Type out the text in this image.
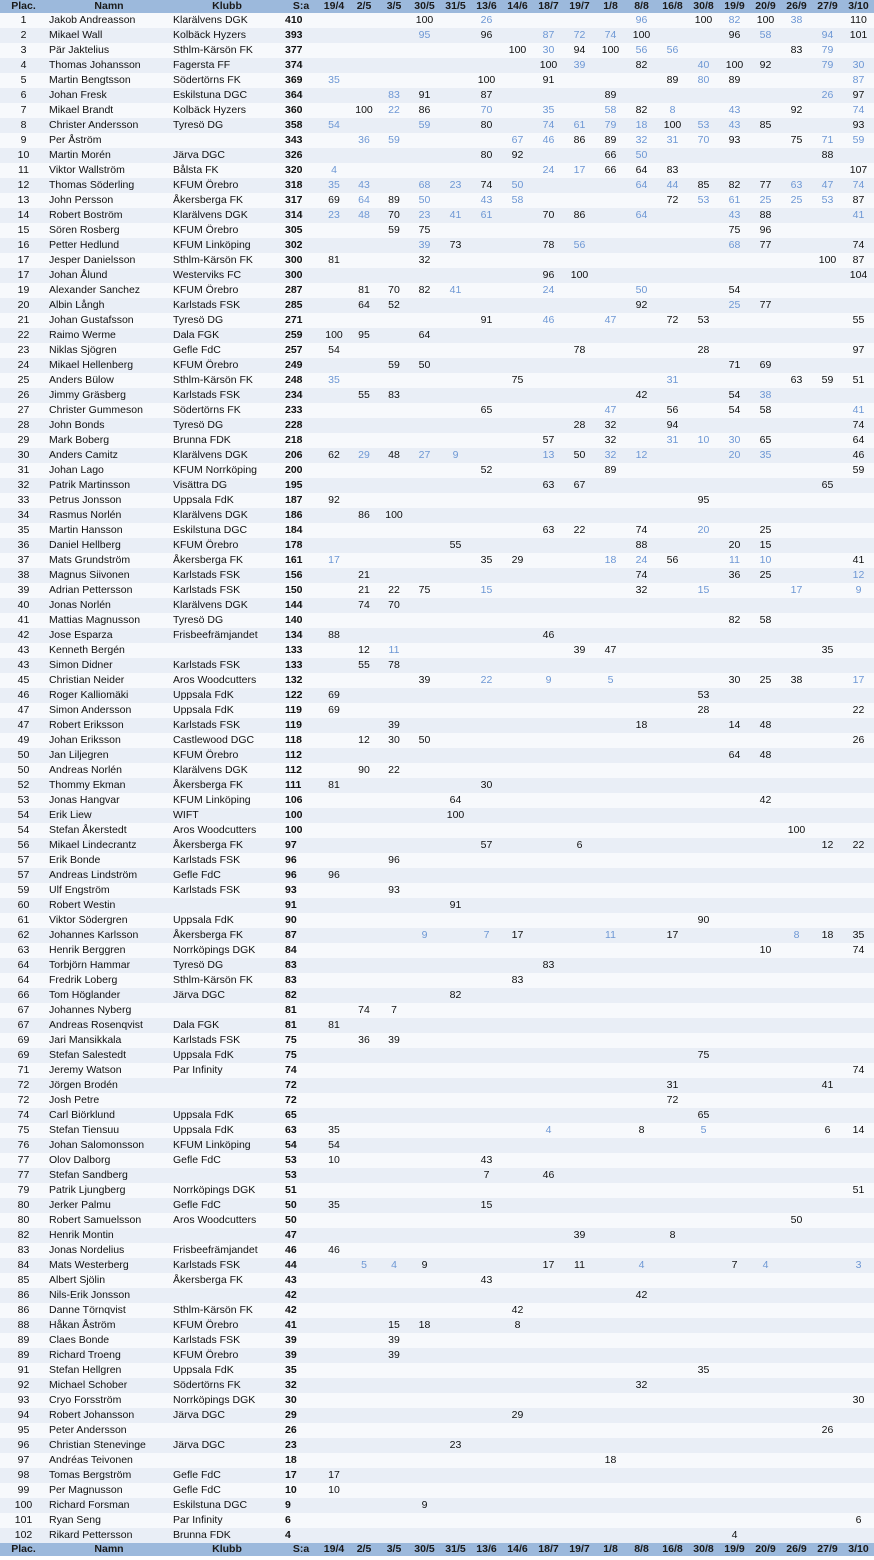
Plac.	Namn	Klubb	S:a	19/4	2/5	3/5	30/5	31/5	13/6	14/6	18/7	19/7	1/8	8/8	16/8	30/8	19/9	20/9	26/9	27/9	3/10
1	Jakob Andreasson	Klarälvens DGK	410				100		26					96		100	82	100	38		110
2	Mikael Wall	Kolbäck Hyzers	393				95		96		87	72	74	100			96	58		94	101
3	Pär Jaktelius	Sthlm-Kärsön FK	377							100	30	94	100	56	56				83	79	
4	Thomas Johansson	Fagersta FF	374								100	39		82		40	100	92		79	30
5	Martin Bengtsson	Södertörns FK	369	35					100		91				89	80	89				87
6	Johan Fresk	Eskilstuna DGC	364			83	91		87				89							26	97
7	Mikael Brandt	Kolbäck Hyzers	360		100	22	86		70		35		58	82	8		43		92		74
8	Christer Andersson	Tyresö DG	358	54			59		80		74	61	79	18	100	53	43	85			93
9	Per Åström		343		36	59				67	46	86	89	32	31	70	93		75	71	59
10	Martin Morén	Järva DGC	326						80	92			66	50						88	
11	Viktor Wallström	Bålsta FK	320	4							24	17	66	64	83						107
12	Thomas Söderling	KFUM Örebro	318	35	43		68	23	74	50				64	44	85	82	77	63	47	74
13	John Persson	Åkersberga FK	317	69	64	89	50		43	58					72	53	61	25	25	53	87
14	Robert Boström	Klarälvens DGK	314	23	48	70	23	41	61		70	86		64			43	88			41
15	Sören Rosberg	KFUM Örebro	305			59	75										75	96			
16	Petter Hedlund	KFUM Linköping	302				39	73			78	56					68	77			74
17	Jesper Danielsson	Sthlm-Kärsön FK	300	81			32													100	87
17	Johan Ålund	Westerviks FC	300								96	100									104
19	Alexander Sanchez	KFUM Örebro	287		81	70	82	41			24			50			54				
20	Albin Långh	Karlstads FSK	285		64	52								92			25	77			
21	Johan Gustafsson	Tyresö DG	271						91		46		47		72	53					55
22	Raimo Werme	Dala FGK	259	100	95		64														
23	Niklas Sjögren	Gefle FdC	257	54								78				28					97
24	Mikael Hellenberg	KFUM Örebro	249			59	50										71	69			
25	Anders Bülow	Sthlm-Kärsön FK	248	35						75					31				63	59	51
26	Jimmy Gräsberg	Karlstads FSK	234		55	83								42			54	38			
27	Christer Gummeson	Södertörns FK	233						65				47		56		54	58			41
28	John Bonds	Tyresö DG	228									28	32		94						74
29	Mark Boberg	Brunna FDK	218								57		32		31	10	30	65			64
30	Anders Camitz	Klarälvens DGK	206	62	29	48	27	9			13	50	32	12			20	35			46
31	Johan Lago	KFUM Norrköping	200						52				89								59
32	Patrik Martinsson	Visättra DG	195								63	67								65	
33	Petrus Jonsson	Uppsala FdK	187	92												95					
34	Rasmus Norlén	Klarälvens DGK	186		86	100															
35	Martin Hansson	Eskilstuna DGC	184								63	22		74		20		25			
36	Daniel Hellberg	KFUM Örebro	178					55						88			20	15			
37	Mats Grundström	Åkersberga FK	161	17					35	29			18	24	56		11	10			41
38	Magnus Siivonen	Karlstads FSK	156		21									74			36	25			12
39	Adrian Pettersson	Karlstads FSK	150		21	22	75		15					32		15			17		9
40	Jonas Norlén	Klarälvens DGK	144		74	70															
41	Mattias Magnusson	Tyresö DG	140														82	58			
42	Jose Esparza	Frisbeefrämjandet	134	88							46										
43	Kenneth Bergén		133		12	11						39	47							35	
43	Simon Didner	Karlstads FSK	133		55	78															
45	Christian Neider	Aros Woodcutters	132				39		22		9		5				30	25	38		17
46	Roger Kalliomäki	Uppsala FdK	122	69												53					
47	Simon Andersson	Uppsala FdK	119	69												28					22
47	Robert Eriksson	Karlstads FSK	119			39								18			14	48			
49	Johan Eriksson	Castlewood DGC	118		12	30	50														26
50	Jan Liljegren	KFUM Örebro	112														64	48			
50	Andreas Norlén	Klarälvens DGK	112		90	22															
52	Thommy Ekman	Åkersberga FK	111	81					30												
53	Jonas Hangvar	KFUM Linköping	106					64										42			
54	Erik Liew	WIFT	100					100													
54	Stefan Åkerstedt	Aros Woodcutters	100																100		
56	Mikael Lindecrantz	Åkersberga FK	97						57			6								12	22
57	Erik Bonde	Karlstads FSK	96			96															
57	Andreas Lindström	Gefle FdC	96	96																	
59	Ulf Engström	Karlstads FSK	93			93															
60	Robert Westin		91					91													
61	Viktor Södergren	Uppsala FdK	90													90					
62	Johannes Karlsson	Åkersberga FK	87				9		7	17			11		17				8	18	35
63	Henrik Berggren	Norrköpings DGK	84															10			74
64	Torbjörn Hammar	Tyresö DG	83								83										
64	Fredrik Loberg	Sthlm-Kärsön FK	83							83											
66	Tom Höglander	Järva DGC	82					82													
67	Johannes Nyberg		81		74	7															
67	Andreas Rosenqvist	Dala FGK	81	81																	
69	Jari Mansikkala	Karlstads FSK	75		36	39															
69	Stefan Salestedt	Uppsala FdK	75													75					
71	Jeremy Watson	Par Infinity	74																		74
72	Jörgen Brodén		72												31					41	
72	Josh Petre		72												72						
74	Carl Biörklund	Uppsala FdK	65													65					
75	Stefan Tiensuu	Uppsala FdK	63	35							4			8		5				6	14
76	Johan Salomonsson	KFUM Linköping	54	54																	
77	Olov Dalborg	Gefle FdC	53	10					43												
77	Stefan Sandberg		53						7		46										
79	Patrik Ljungberg	Norrköpings DGK	51																		51
80	Jerker Palmu	Gefle FdC	50	35					15												
80	Robert Samuelsson	Aros Woodcutters	50																50		
82	Henrik Montin		47									39			8						
83	Jonas Nordelius	Frisbeefrämjandet	46	46																	
84	Mats Westerberg	Karlstads FSK	44		5	4	9				17	11		4			7	4			3
85	Albert Sjölin	Åkersberga FK	43						43												
86	Nils-Erik Jonsson		42											42							
86	Danne Törnqvist	Sthlm-Kärsön FK	42							42											
88	Håkan Åström	KFUM Örebro	41			15	18			8											
89	Claes Bonde	Karlstads FSK	39			39															
89	Richard Troeng	KFUM Örebro	39			39															
91	Stefan Hellgren	Uppsala FdK	35													35					
92	Michael Schober	Södertörns FK	32											32							
93	Cryo Forsström	Norrköpings DGK	30																		30
94	Robert Johansson	Järva DGC	29							29											
95	Peter Andersson		26																	26	
96	Christian Stenevinge	Järva DGC	23					23													
97	Andréas Teivonen		18										18								
98	Tomas Bergström	Gefle FdC	17	17																	
99	Per Magnusson	Gefle FdC	10	10																	
100	Richard Forsman	Eskilstuna DGC	9				9														
101	Ryan Seng	Par Infinity	6																		6
102	Rikard Pettersson	Brunna FDK	4														4				
Plac.	Namn	Klubb	S:a	19/4	2/5	3/5	30/5	31/5	13/6	14/6	18/7	19/7	1/8	8/8	16/8	30/8	19/9	20/9	26/9	27/9	3/10
